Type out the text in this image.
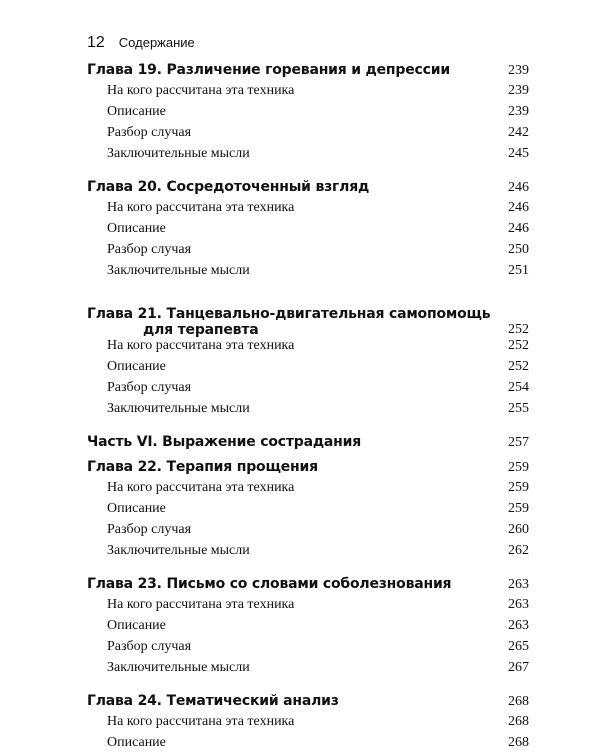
12 Содержание
Глава 19. Различение горевания и депрессии	239
На кого рассчитана эта техника	239
Описание	239
Разбор случая	242
Заключительные мысли	245
Глава 20. Сосредоточенный взгляд	246
На кого рассчитана эта техника	246
Описание	246
Разбор случая	250
Заключительные мысли	251
Глава 21. Танцевально-двигательная самопомощь
для терапевта	252
На кого рассчитана эта техника	252
Описание	252
Разбор случая	254
Заключительные мысли	255
Часть VI. Выражение сострадания	257
Глава 22. Терапия прощения	259
На кого рассчитана эта техника	259
Описание	259
Разбор случая	260
Заключительные мысли	262
Глава 23. Письмо со словами соболезнования	263
На кого рассчитана эта техника	263
Описание	263
Разбор случая	265
Заключительные мысли	267
Глава 24. Тематический анализ	268
На кого рассчитана эта техника	268
Описание	268
